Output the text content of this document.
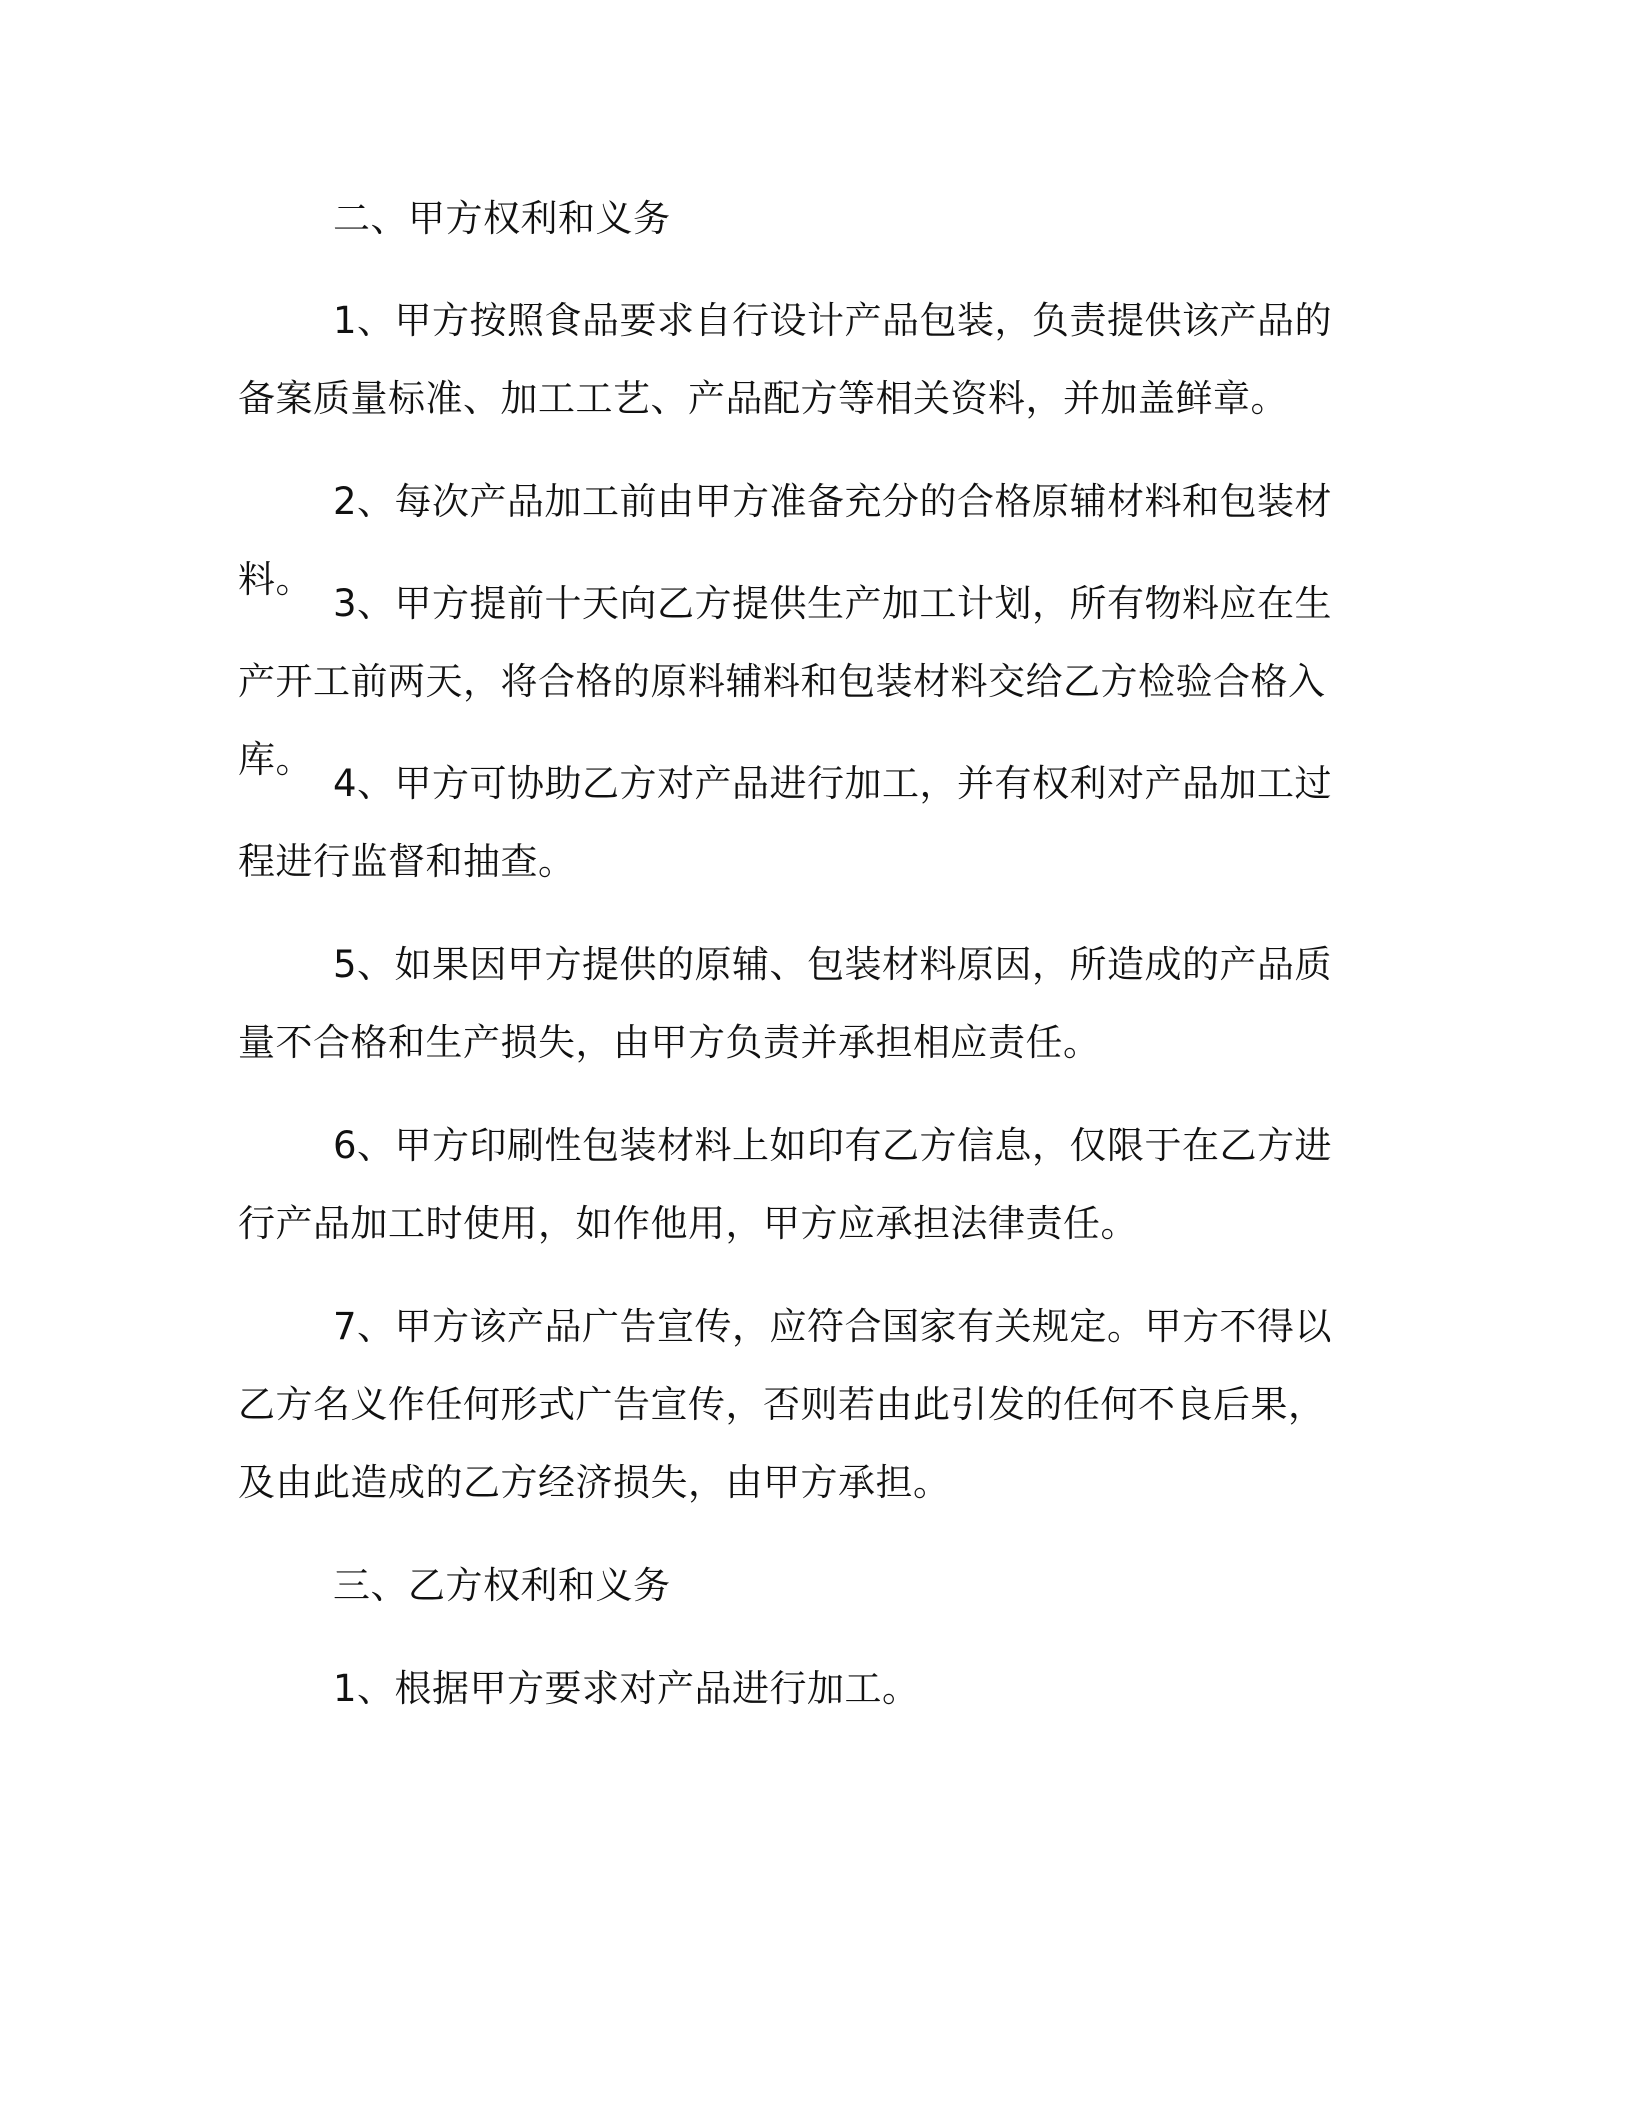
二、甲方权利和义务

1、甲方按照食品要求自行设计产品包装，负责提供该产品的备案质量标准、加工工艺、产品配方等相关资料，并加盖鲜章。

2、每次产品加工前由甲方准备充分的合格原辅材料和包装材料。

3、甲方提前十天向乙方提供生产加工计划，所有物料应在生产开工前两天，将合格的原料辅料和包装材料交给乙方检验合格入库。

4、甲方可协助乙方对产品进行加工，并有权利对产品加工过程进行监督和抽查。

5、如果因甲方提供的原辅、包装材料原因，所造成的产品质量不合格和生产损失，由甲方负责并承担相应责任。

6、甲方印刷性包装材料上如印有乙方信息，仅限于在乙方进行产品加工时使用，如作他用，甲方应承担法律责任。

7、甲方该产品广告宣传，应符合国家有关规定。甲方不得以乙方名义作任何形式广告宣传，否则若由此引发的任何不良后果，及由此造成的乙方经济损失，由甲方承担。

三、乙方权利和义务

1、根据甲方要求对产品进行加工。
